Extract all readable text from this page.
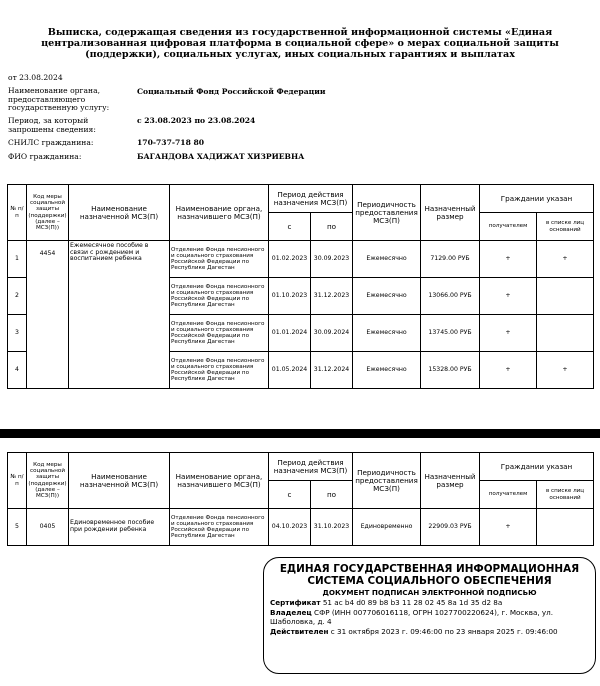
Выписка, содержащая сведения из государственной информационной системы «Единая централизованная цифровая платформа в социальной сфере» о мерах социальной защиты (поддержки), социальных услугах, иных социальных гарантиях и выплатах
от 23.08.2024
Наименование органа, предоставляющего государственную услугу:
Социальный Фонд Российской Федерации
Период, за который запрошены сведения:
с 23.08.2023 по 23.08.2024
СНИЛС гражданина:	170-737-718 80
ФИО гражданина:	БАГАНДОВА ХАДИЖАТ ХИЗРИЕВНА
№ п/п	Код меры социальной защиты (поддержки) (далее – МСЗ(П))	Наименование назначенной МСЗ(П)	Наименование органа, назначившего МСЗ(П)	Период действия назначения МСЗ(П)		Периодичность предоставления МСЗ(П)	Назначенный размер	Граждании указан	
				с	по			получателем	в списке лиц оснований
1	4454	Ежемесячное пособие в связи с рождением и воспитанием ребенка	Отделение Фонда пенсионного и социального страхования Российской Федерации по Республике Дагестан	01.02.2023	30.09.2023	Ежемесячно	7129.00 РУБ	+	+
2			Отделение Фонда пенсионного и социального страхования Российской Федерации по Республике Дагестан	01.10.2023	31.12.2023	Ежемесячно	13066.00 РУБ	+	
3			Отделение Фонда пенсионного и социального страхования Российской Федерации по Республике Дагестан	01.01.2024	30.09.2024	Ежемесячно	13745.00 РУБ	+	
4			Отделение Фонда пенсионного и социального страхования Российской Федерации по Республике Дагестан	01.05.2024	31.12.2024	Ежемесячно	15328.00 РУБ	+	+
№ п/п	Код меры социальной защиты (поддержки) (далее – МСЗ(П))	Наименование назначенной МСЗ(П)	Наименование органа, назначившего МСЗ(П)	Период действия назначения МСЗ(П)		Периодичность предоставления МСЗ(П)	Назначенный размер	Граждании указан	
				с	по			получателем	в списке лиц оснований
5	0405	Единовременное пособие при рождении ребенка	Отделение Фонда пенсионного и социального страхования Российской Федерации по Республике Дагестан	04.10.2023	31.10.2023	Единовременно	22909.03 РУБ	+	
ЕДИНАЯ ГОСУДАРСТВЕННАЯ ИНФОРМАЦИОННАЯ СИСТЕМА СОЦИАЛЬНОГО ОБЕСПЕЧЕНИЯ
ДОКУМЕНТ ПОДПИСАН ЭЛЕКТРОННОЙ ПОДПИСЬЮ
Сертификат 51 ac b4 d0 89 b8 b3 11 28 02 45 8a 1d 35 d2 8a
Владелец СФР (ИНН 007706016118, ОГРН 1027700220624), г. Москва, ул. Шаболовка, д. 4
Действителен с 31 октября 2023 г. 09:46:00 по 23 января 2025 г. 09:46:00
